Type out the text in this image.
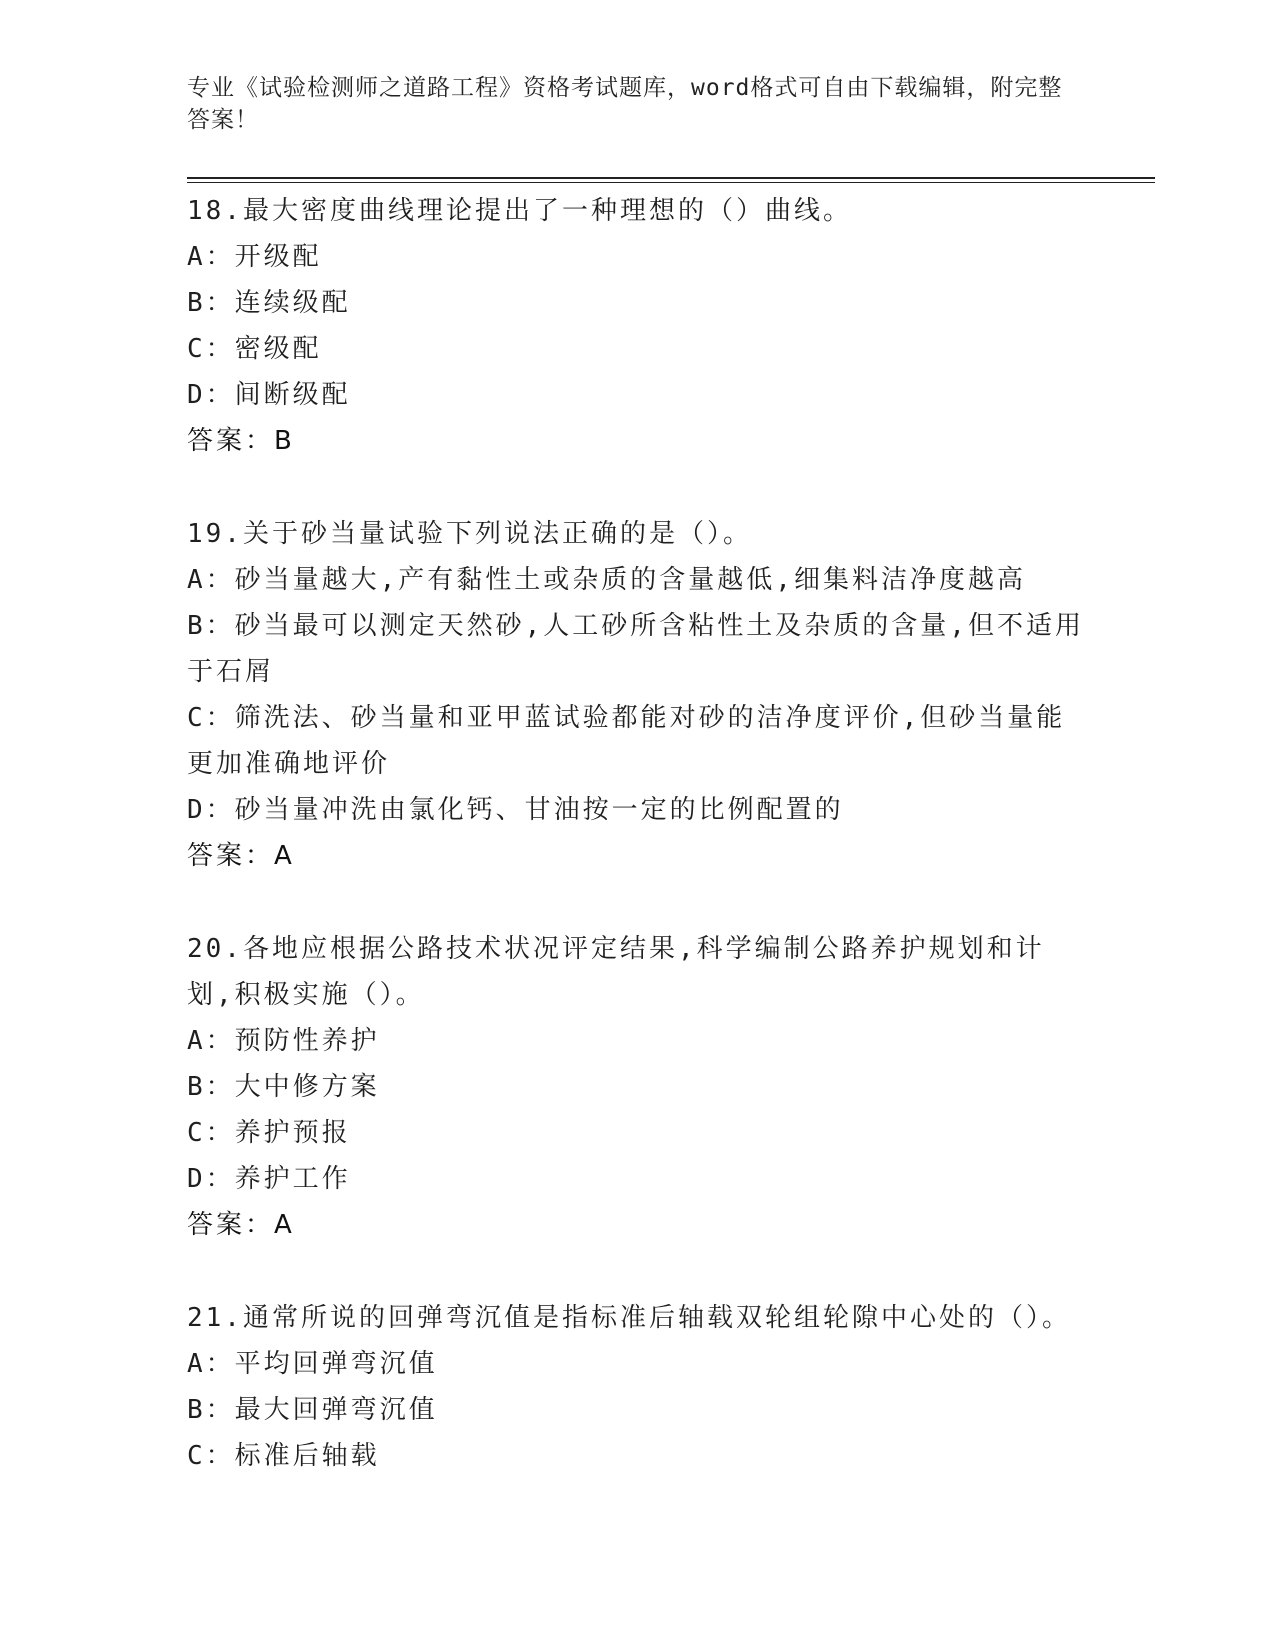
专业《试验检测师之道路工程》资格考试题库，word格式可自由下载编辑，附完整答案！
18.最大密度曲线理论提出了一种理想的（）曲线。
A：开级配
B：连续级配
C：密级配
D：间断级配
答案：B
19.关于砂当量试验下列说法正确的是（）。
A：砂当量越大,产有黏性土或杂质的含量越低,细集料洁净度越高
B：砂当最可以测定天然砂,人工砂所含粘性土及杂质的含量,但不适用于石屑
C：筛洗法、砂当量和亚甲蓝试验都能对砂的洁净度评价,但砂当量能更加准确地评价
D：砂当量冲洗由氯化钙、甘油按一定的比例配置的
答案：A
20.各地应根据公路技术状况评定结果,科学编制公路养护规划和计划,积极实施（）。
A：预防性养护
B：大中修方案
C：养护预报
D：养护工作
答案：A
21.通常所说的回弹弯沉值是指标准后轴载双轮组轮隙中心处的（）。
A：平均回弹弯沉值
B：最大回弹弯沉值
C：标准后轴载
